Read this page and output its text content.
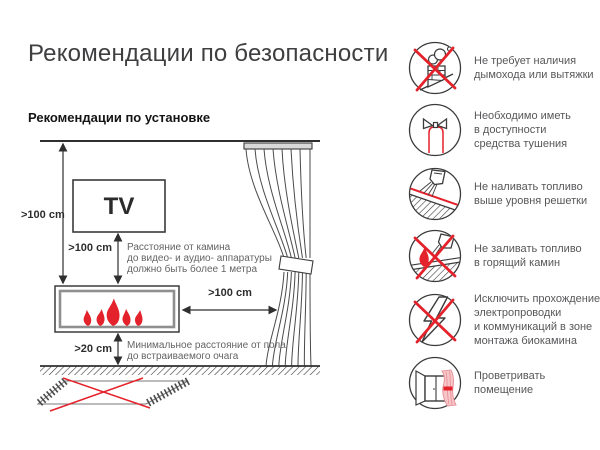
Рекомендации по безопасности
Рекомендации по установке
TV
>100 cm
>100 cm
>100 cm
>20 cm
Расстояние от камина
до видео- и аудио- аппаратуры
должно быть более 1 метра
Минимальное расстояние от пола
до встраиваемого очага
Не требует наличия
дымохода или вытяжки
Необходимо иметь
в доступности
средства тушения
Не наливать топливо
выше уровня решетки
Не заливать топливо
в горящий камин
Исключить прохождение
электропроводки
и коммуникаций в зоне
монтажа биокамина
Проветривать
помещение
